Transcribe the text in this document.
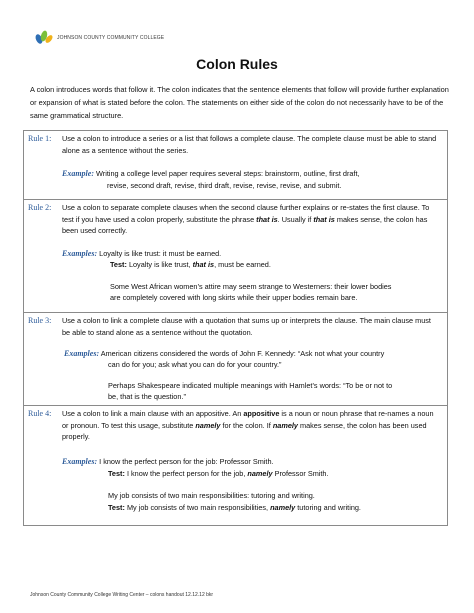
JOHNSON COUNTY COMMUNITY COLLEGE
Colon Rules
A colon introduces words that follow it. The colon indicates that the sentence elements that follow will provide further explanation or expansion of what is stated before the colon. The statements on either side of the colon do not necessarily have to be of the same grammatical structure.
Rule 1: Use a colon to introduce a series or a list that follows a complete clause. The complete clause must be able to stand alone as a sentence without the series.
Example: Writing a college level paper requires several steps: brainstorm, outline, first draft,
revise, second draft, revise, third draft, revise, revise, revise, and submit.
Rule 2: Use a colon to separate complete clauses when the second clause further explains or re-states the first clause. To test if you have used a colon properly, substitute the phrase that is. Usually if that is makes sense, the colon has been used correctly.
Examples: Loyalty is like trust: it must be earned.
Test: Loyalty is like trust, that is, must be earned.
Some West African women’s attire may seem strange to Westerners: their lower bodies
are completely covered with long skirts while their upper bodies remain bare.
Rule 3: Use a colon to link a complete clause with a quotation that sums up or interprets the clause. The main clause must be able to stand alone as a sentence without the quotation.
Examples: American citizens considered the words of John F. Kennedy: “Ask not what your country
can do for you; ask what you can do for your country.”
Perhaps Shakespeare indicated multiple meanings with Hamlet’s words: “To be or not to
be, that is the question.”
Rule 4: Use a colon to link a main clause with an appositive. An appositive is a noun or noun phrase that re-names a noun or pronoun. To test this usage, substitute namely for the colon. If namely makes sense, the colon has been used properly.
Examples: I know the perfect person for the job: Professor Smith.
Test: I know the perfect person for the job, namely Professor Smith.
My job consists of two main responsibilities: tutoring and writing.
Test: My job consists of two main responsibilities, namely tutoring and writing.
Johnson County Community College Writing Center – colons handout 12.12.12 bkr
